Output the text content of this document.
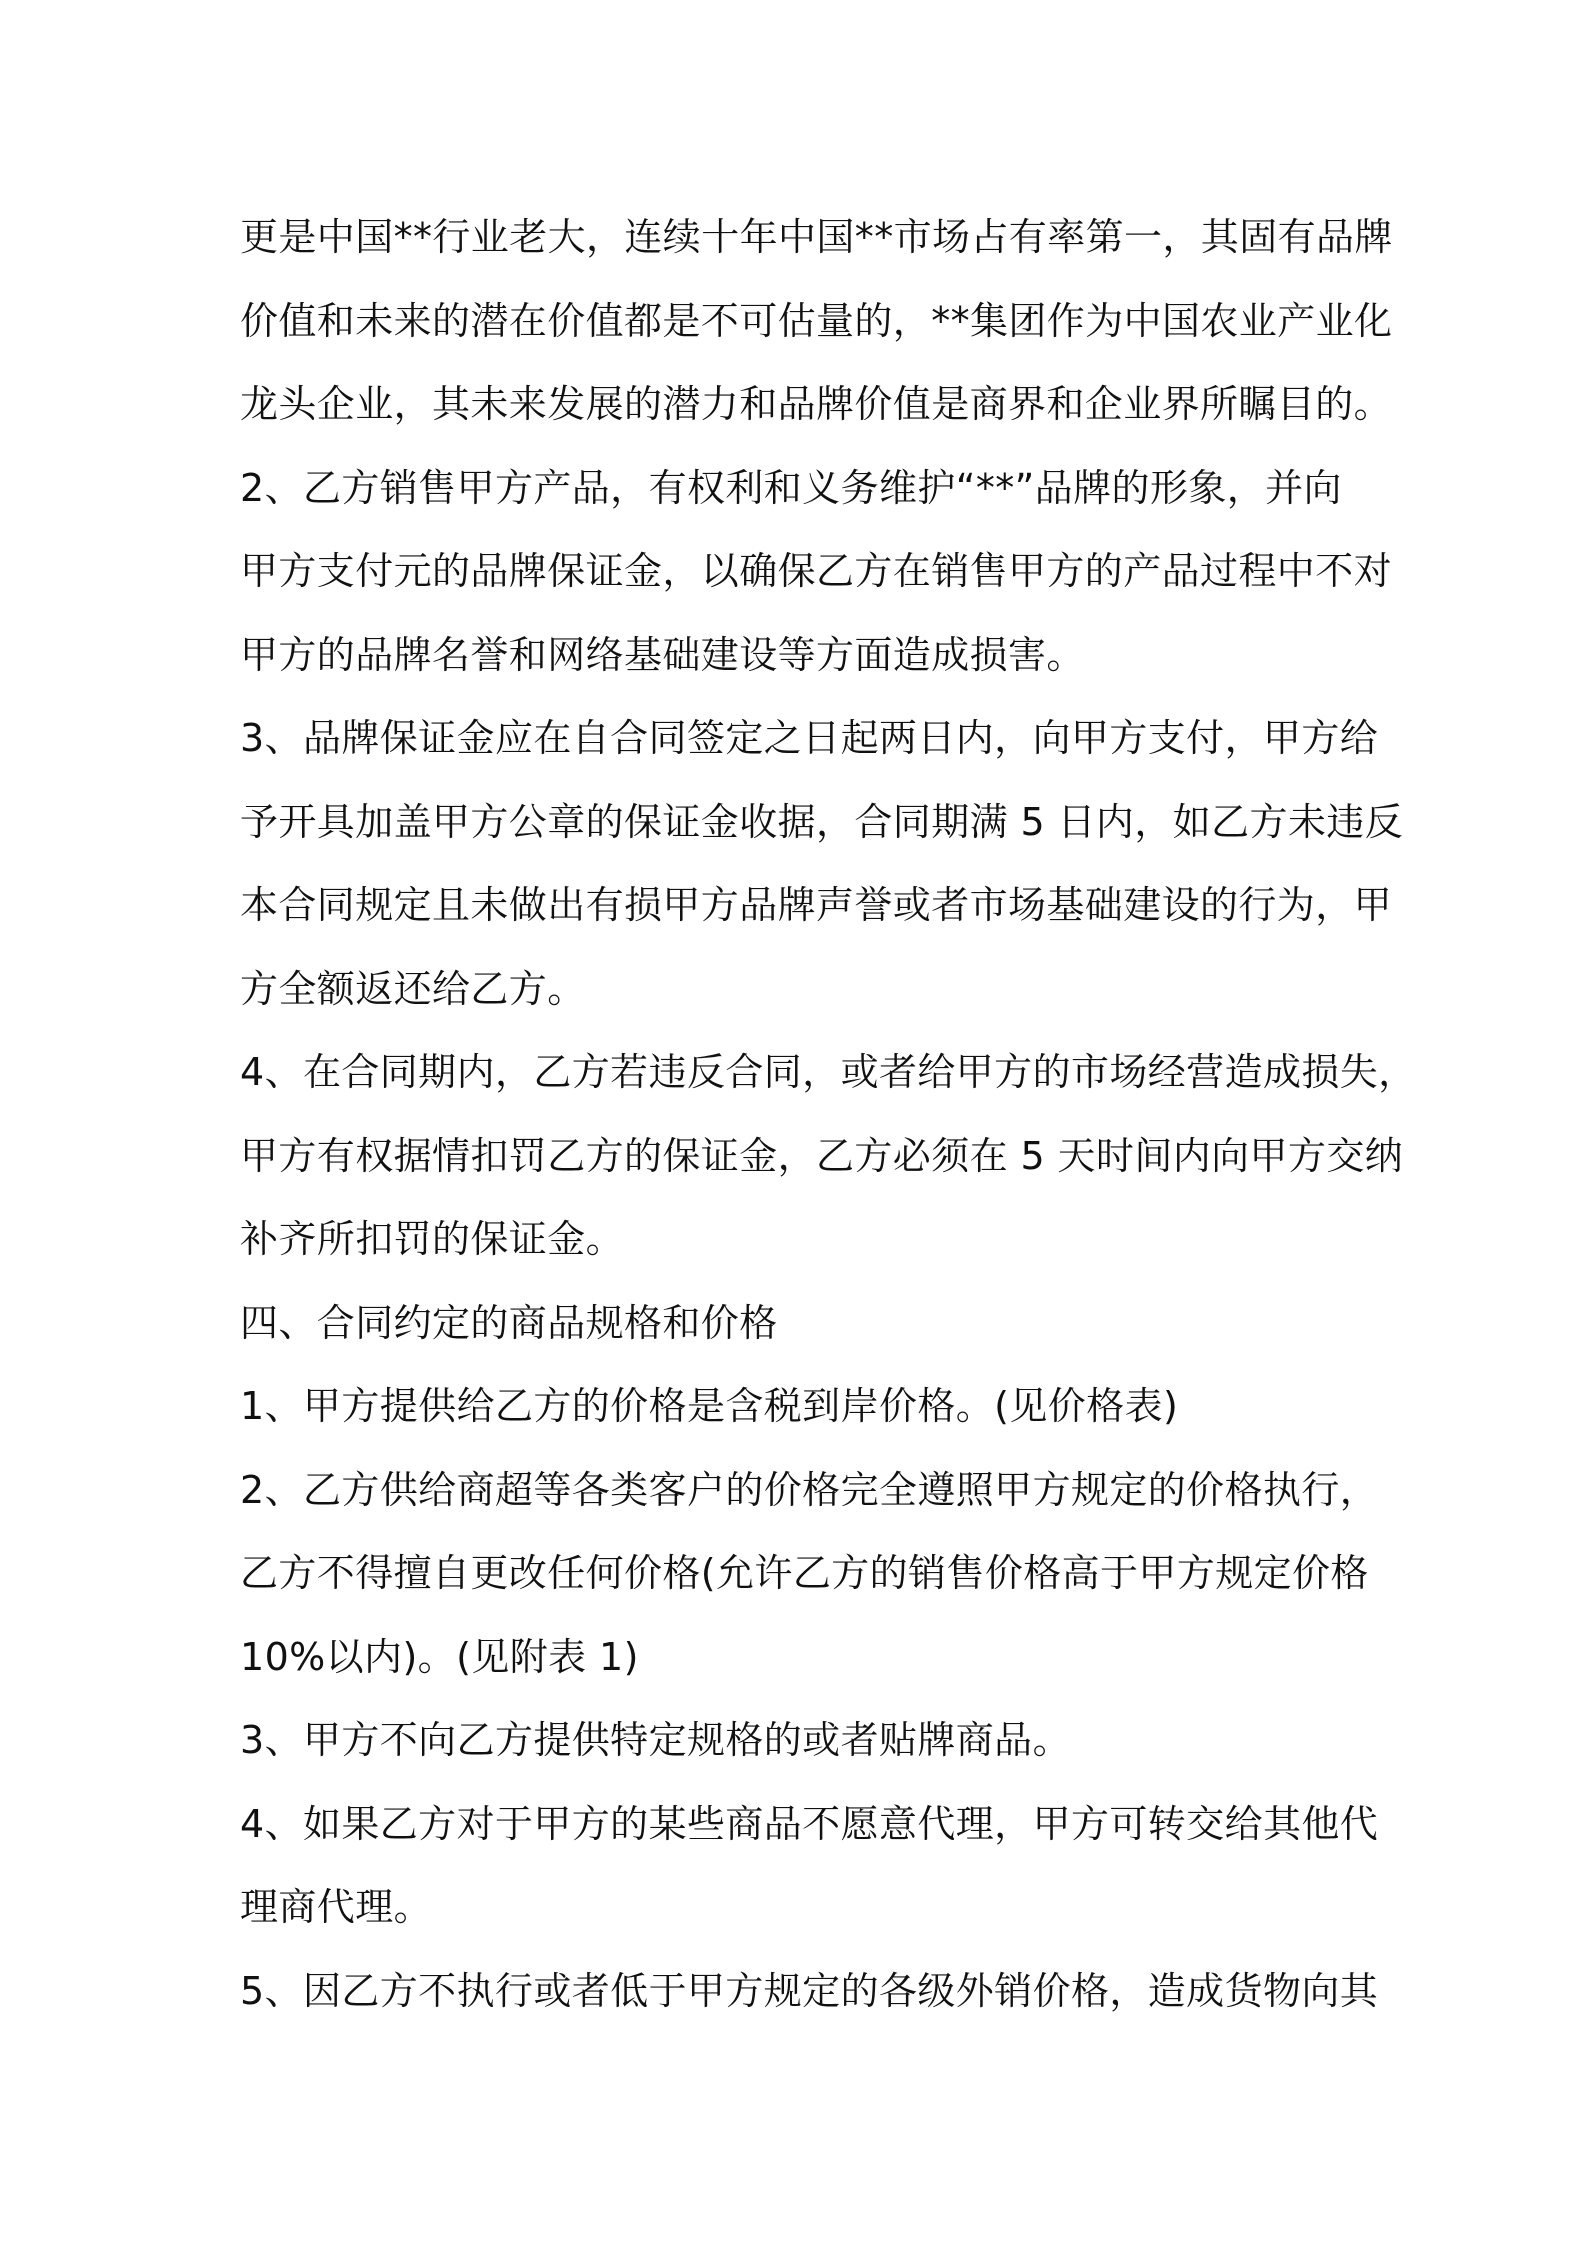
更是中国**行业老大，连续十年中国**市场占有率第一，其固有品牌
价值和未来的潜在价值都是不可估量的，**集团作为中国农业产业化
龙头企业，其未来发展的潜力和品牌价值是商界和企业界所瞩目的。
2、乙方销售甲方产品，有权利和义务维护“**”品牌的形象，并向
甲方支付元的品牌保证金，以确保乙方在销售甲方的产品过程中不对
甲方的品牌名誉和网络基础建设等方面造成损害。
3、品牌保证金应在自合同签定之日起两日内，向甲方支付，甲方给
予开具加盖甲方公章的保证金收据，合同期满 5 日内，如乙方未违反
本合同规定且未做出有损甲方品牌声誉或者市场基础建设的行为，甲
方全额返还给乙方。
4、在合同期内，乙方若违反合同，或者给甲方的市场经营造成损失，
甲方有权据情扣罚乙方的保证金，乙方必须在 5 天时间内向甲方交纳
补齐所扣罚的保证金。
四、合同约定的商品规格和价格
1、甲方提供给乙方的价格是含税到岸价格。(见价格表)
2、乙方供给商超等各类客户的价格完全遵照甲方规定的价格执行，
乙方不得擅自更改任何价格(允许乙方的销售价格高于甲方规定价格
10%以内)。(见附表 1)
3、甲方不向乙方提供特定规格的或者贴牌商品。
4、如果乙方对于甲方的某些商品不愿意代理，甲方可转交给其他代
理商代理。
5、因乙方不执行或者低于甲方规定的各级外销价格，造成货物向其
